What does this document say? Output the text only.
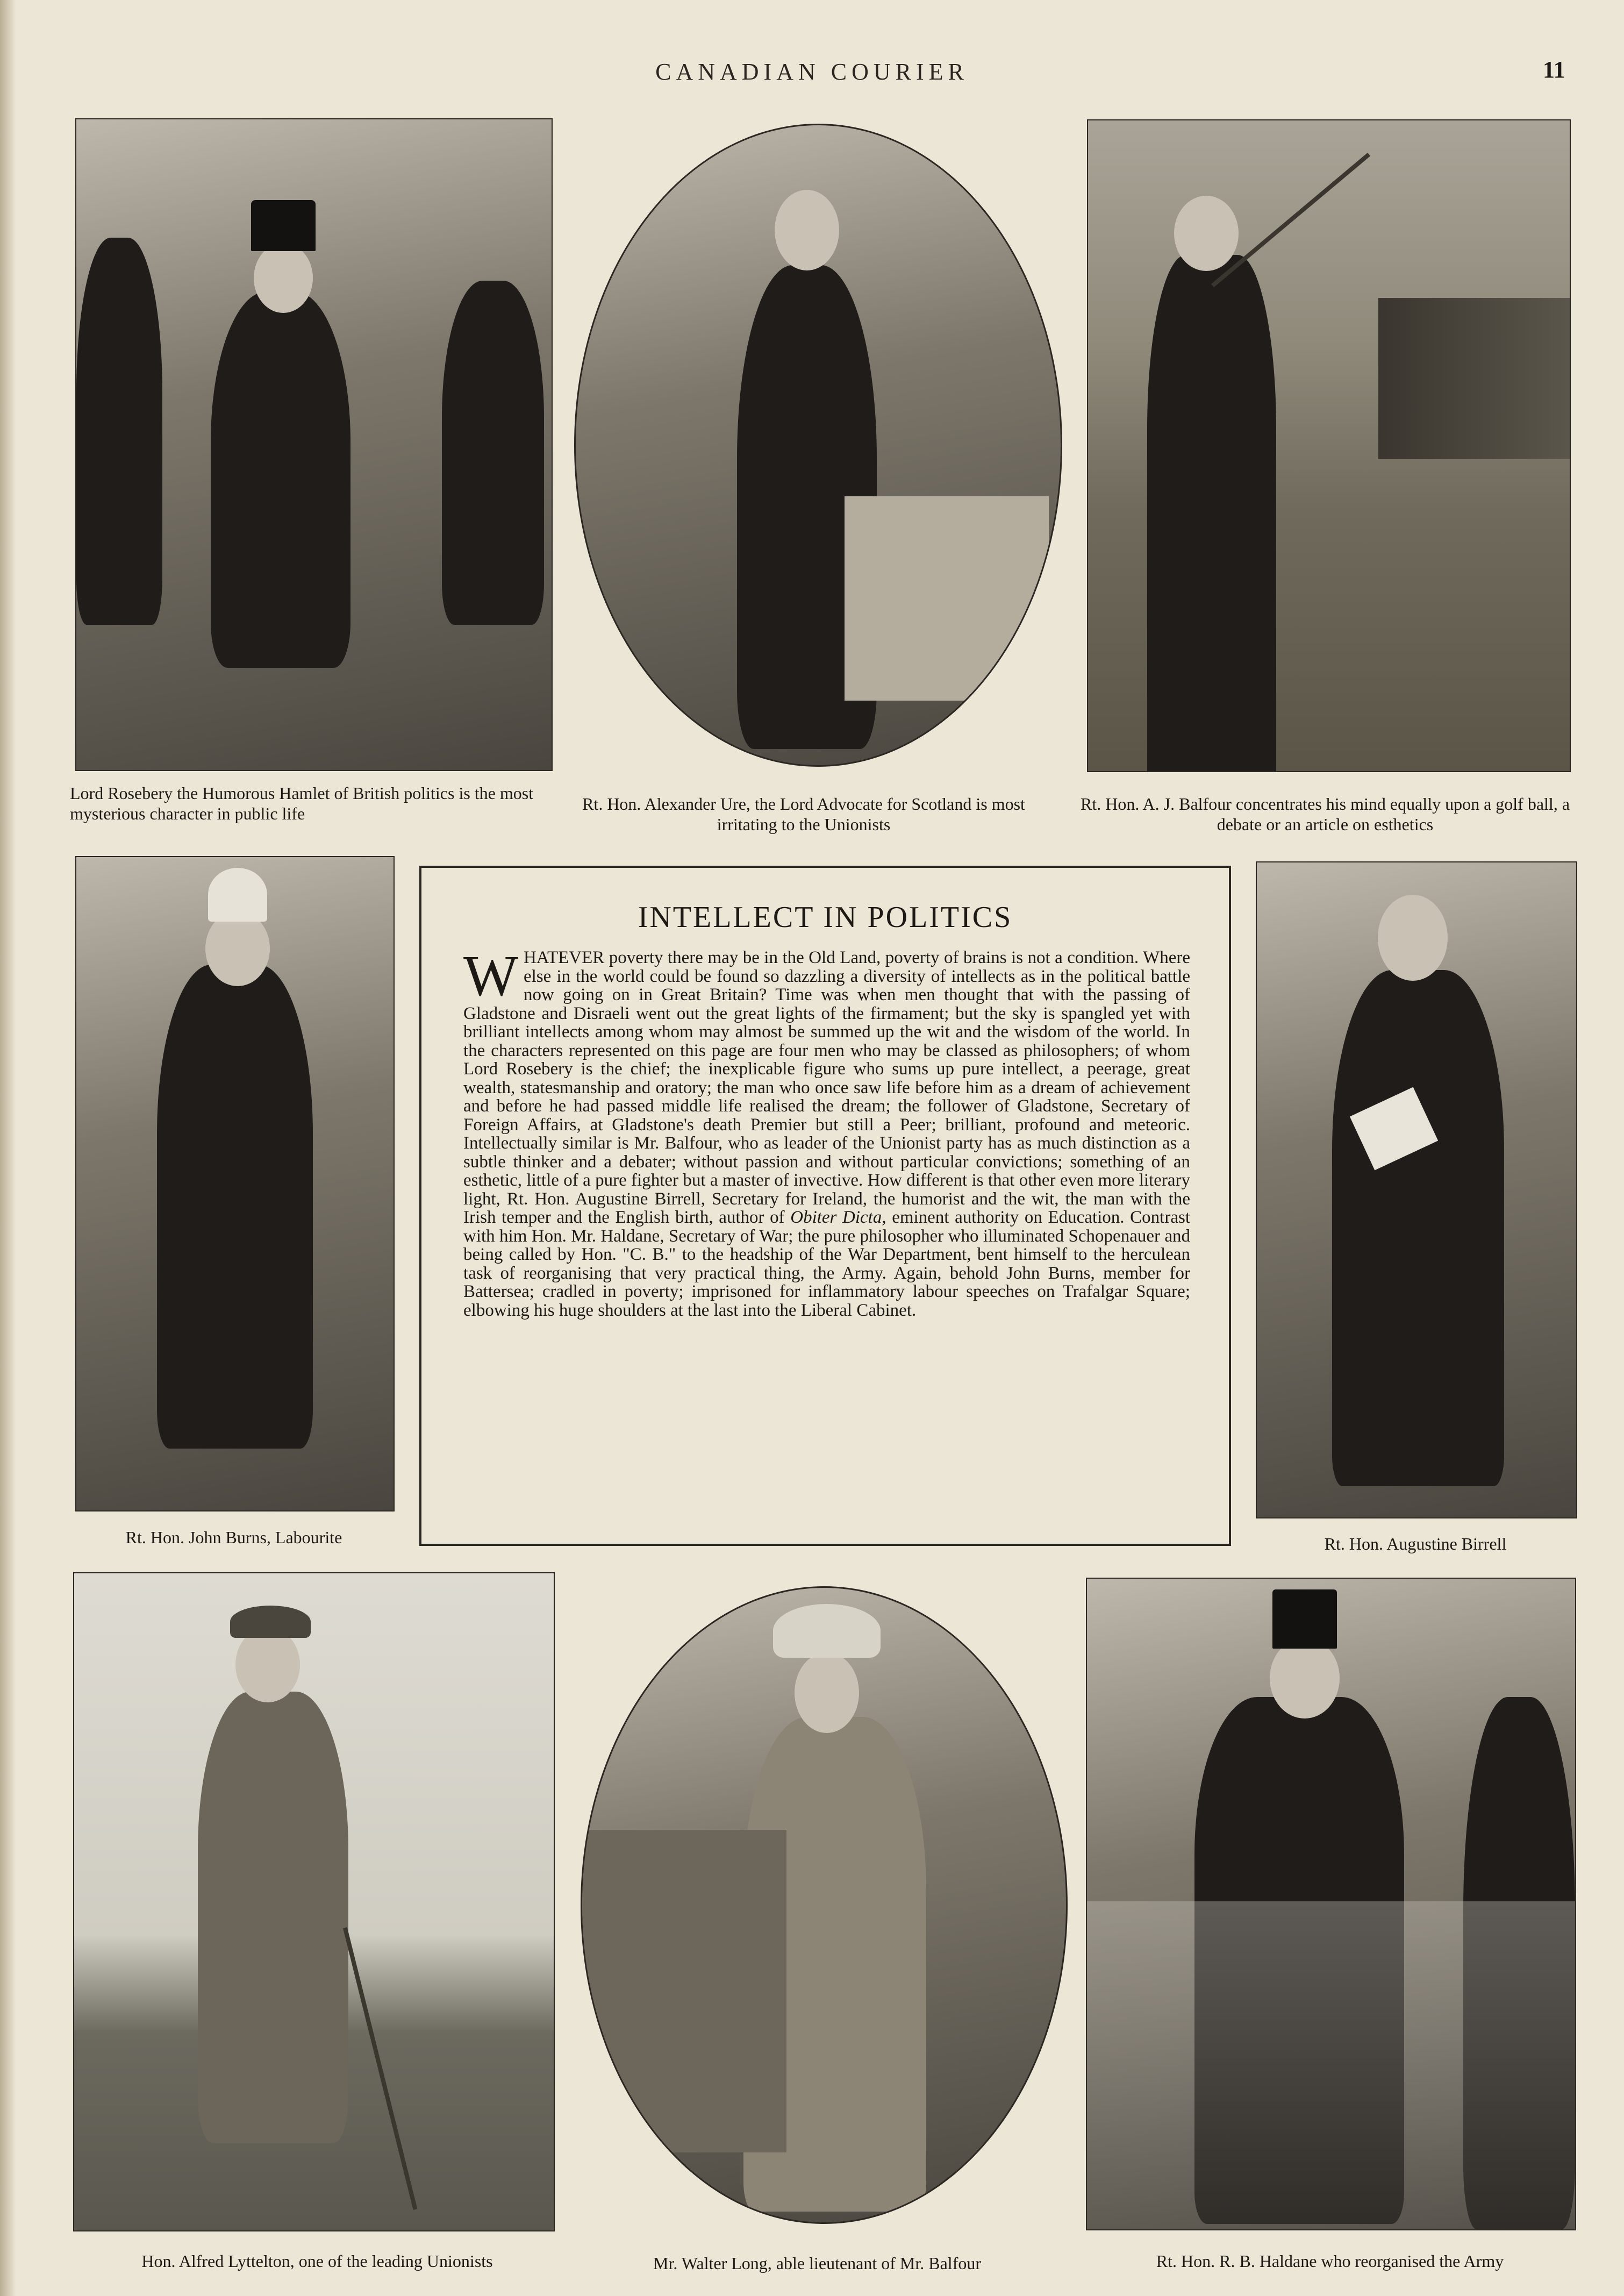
CANADIAN COURIER	11
Lord Rosebery the Humorous Hamlet of British politics is the most mysterious character in public life	Rt. Hon. Alexander Ure, the Lord Advocate for Scotland is most irritating to the Unionists
Rt. Hon. A. J. Balfour concentrates his mind equally upon a golf ball, a debate or an article on esthetics
Rt. Hon. John Burns, Labourite
INTELLECT IN POLITICS
WHATEVER poverty there may be in the Old Land, poverty of brains is not a condition. Where else in the world could be found so dazzling a diversity of intellects as in the political battle now going on in Great Britain? Time was when men thought that with the passing of Gladstone and Disraeli went out the great lights of the firmament; but the sky is spangled yet with brilliant intellects among whom may almost be summed up the wit and the wisdom of the world. In the characters represented on this page are four men who may be classed as philosophers; of whom Lord Rosebery is the chief; the inexplicable figure who sums up pure intellect, a peerage, great wealth, statesmanship and oratory; the man who once saw life before him as a dream of achievement and before he had passed middle life realised the dream; the follower of Gladstone, Secretary of Foreign Affairs, at Gladstone's death Premier but still a Peer; brilliant, profound and meteoric. Intellectually similar is Mr. Balfour, who as leader of the Unionist party has as much distinction as a subtle thinker and a debater; without passion and without particular convictions; something of an esthetic, little of a pure fighter but a master of invective. How different is that other even more literary light, Rt. Hon. Augustine Birrell, Secretary for Ireland, the humorist and the wit, the man with the Irish temper and the English birth, author of Obiter Dicta, eminent authority on Education. Contrast with him Hon. Mr. Haldane, Secretary of War; the pure philosopher who illuminated Schopenauer and being called by Hon. "C. B." to the headship of the War Department, bent himself to the herculean task of reorganising that very practical thing, the Army. Again, behold John Burns, member for Battersea; cradled in poverty; imprisoned for inflammatory labour speeches on Trafalgar Square; elbowing his huge shoulders at the last into the Liberal Cabinet.
Rt. Hon. Augustine Birrell
Hon. Alfred Lyttelton, one of the leading Unionists	Mr. Walter Long, able lieutenant of Mr. Balfour	Rt. Hon. R. B. Haldane who reorganised the Army
